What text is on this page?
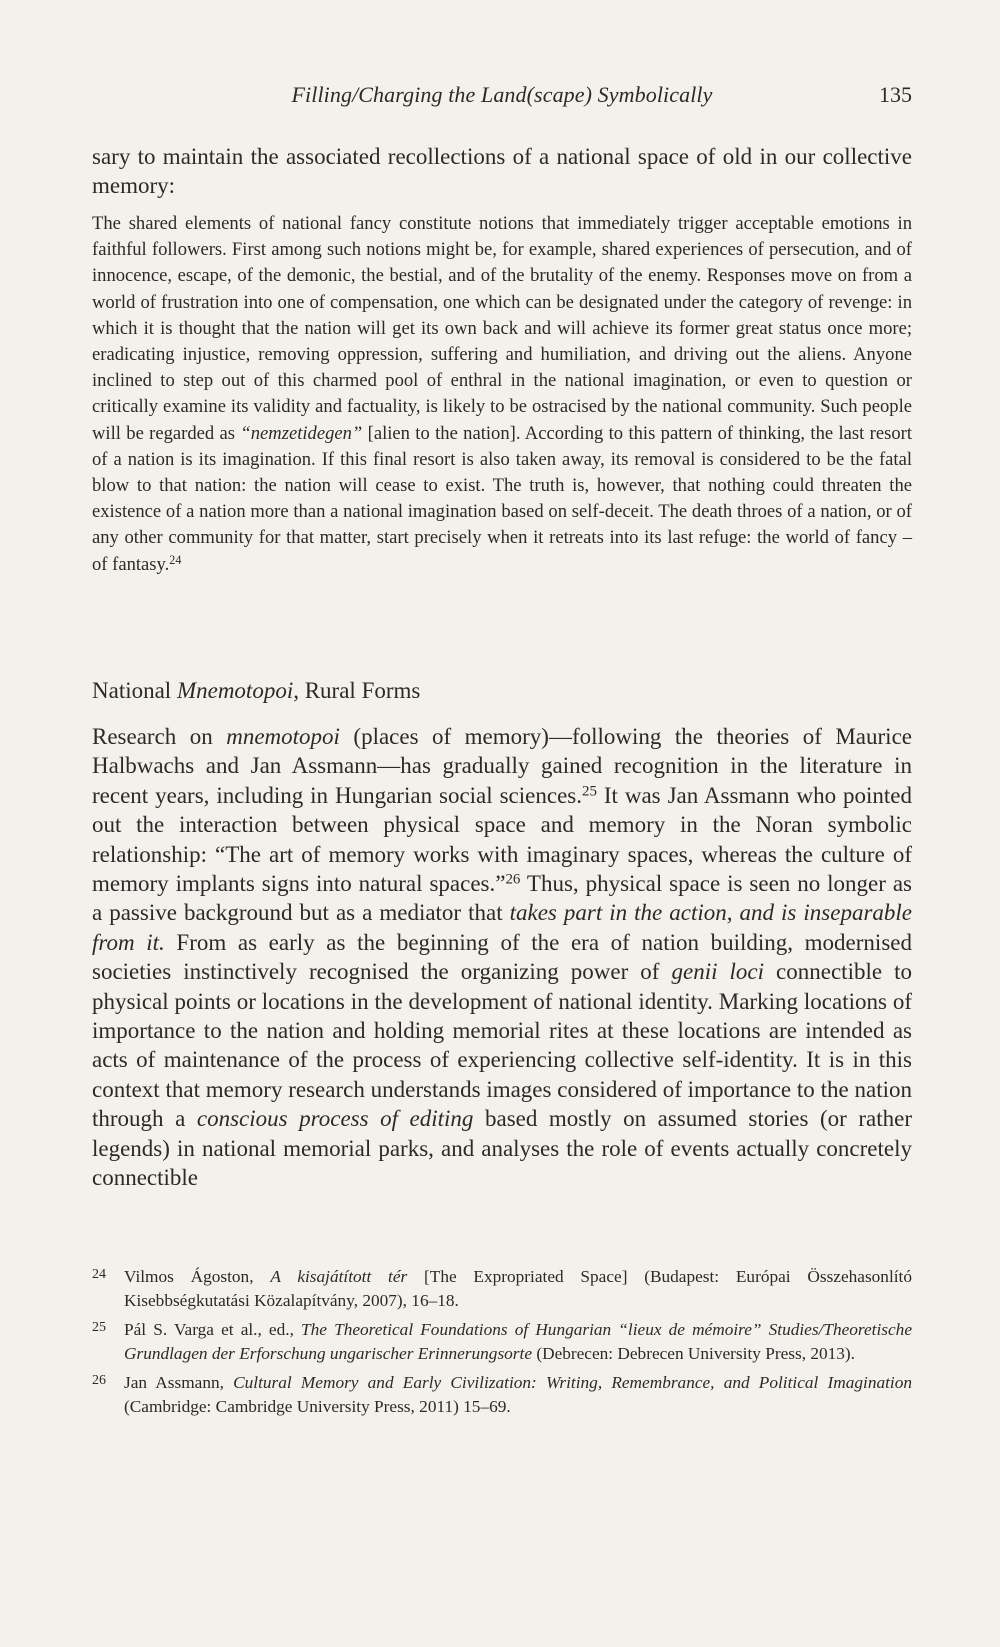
Filling/Charging the Land(scape) Symbolically	135

sary to maintain the associated recollections of a national space of old in our collective memory:

The shared elements of national fancy constitute notions that immediately trigger acceptable emotions in faithful followers. First among such notions might be, for example, shared experiences of persecution, and of innocence, escape, of the demonic, the bestial, and of the brutality of the enemy. Responses move on from a world of frustration into one of compensation, one which can be designated under the category of revenge: in which it is thought that the nation will get its own back and will achieve its former great status once more; eradicating injustice, removing oppression, suffering and humiliation, and driving out the aliens. Anyone inclined to step out of this charmed pool of enthral in the national imagination, or even to question or critically examine its validity and factuality, is likely to be ostracised by the national community. Such people will be regarded as “nemzetidegen” [alien to the nation]. According to this pattern of thinking, the last resort of a nation is its imagination. If this final resort is also taken away, its removal is considered to be the fatal blow to that nation: the nation will cease to exist. The truth is, however, that nothing could threaten the existence of a nation more than a national imagination based on self-deceit. The death throes of a nation, or of any other community for that matter, start precisely when it retreats into its last refuge: the world of fancy – of fantasy.$^{24}$

National Mnemotopoi, Rural Forms

Research on mnemotopoi (places of memory)—following the theories of Maurice Halbwachs and Jan Assmann—has gradually gained recognition in the literature in recent years, including in Hungarian social sciences.$^{25}$ It was Jan Assmann who pointed out the interaction between physical space and memory in the Noran symbolic relationship: “The art of memory works with imaginary spaces, whereas the culture of memory implants signs into natural spaces.”$^{26}$ Thus, physical space is seen no longer as a passive background but as a mediator that takes part in the action, and is inseparable from it. From as early as the beginning of the era of nation building, modernised societies instinctively recognised the organizing power of genii loci connectible to physical points or locations in the development of national identity. Marking locations of importance to the nation and holding memorial rites at these locations are intended as acts of maintenance of the process of experiencing collective self-identity. It is in this context that memory research understands images considered of importance to the nation through a conscious process of editing based mostly on assumed stories (or rather legends) in national memorial parks, and analyses the role of events actually concretely connectible

24 Vilmos Ágoston, A kisajátított tér [The Expropriated Space] (Budapest: Európai Összehasonlító Kisebbségkutatási Közalapítvány, 2007), 16–18.

25 Pál S. Varga et al., ed., The Theoretical Foundations of Hungarian “lieux de mémoire” Studies/Theoretische Grundlagen der Erforschung ungarischer Erinnerungsorte (Debrecen: Debrecen University Press, 2013).

26 Jan Assmann, Cultural Memory and Early Civilization: Writing, Remembrance, and Political Imagination (Cambridge: Cambridge University Press, 2011) 15–69.
